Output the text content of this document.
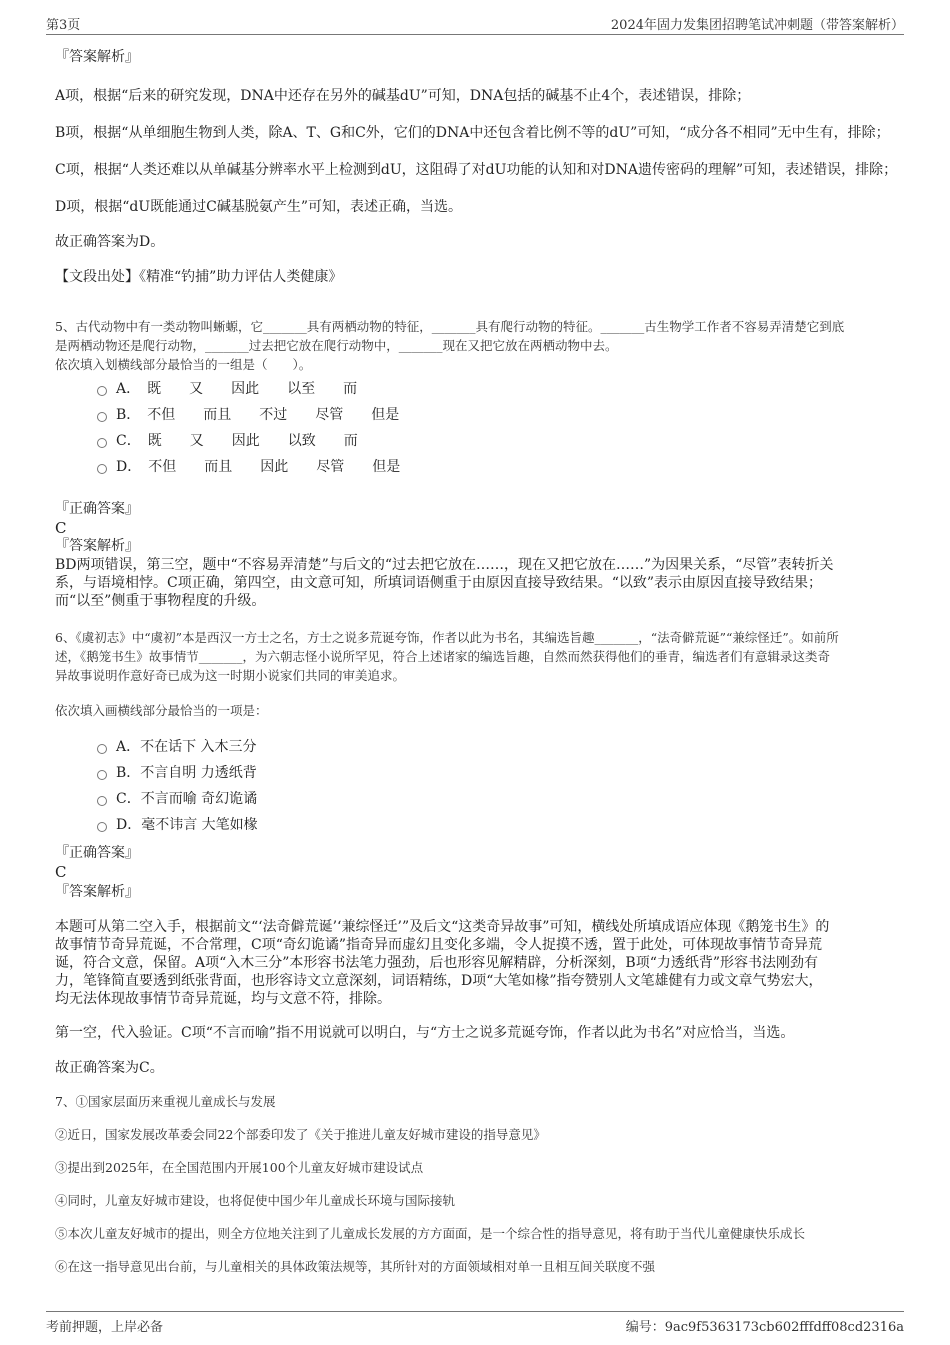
第3页	2024年固力发集团招聘笔试冲刺题（带答案解析）

『答案解析』

A项，根据“后来的研究发现，DNA中还存在另外的碱基dU”可知，DNA包括的碱基不止4个，表述错误，排除；

B项，根据“从单细胞生物到人类，除A、T、G和C外，它们的DNA中还包含着比例不等的dU”可知，“成分各不相同”无中生有，排除；

C项，根据“人类还难以从单碱基分辨率水平上检测到dU，这阻碍了对dU功能的认知和对DNA遗传密码的理解”可知，表述错误，排除；

D项，根据“dU既能通过C碱基脱氨产生”可知，表述正确，当选。

故正确答案为D。

【文段出处】《精准“钓捕”助力评估人类健康》

5、古代动物中有一类动物叫蜥螈，它_______具有两栖动物的特征，_______具有爬行动物的特征。_______古生物学工作者不容易弄清楚它到底

是两栖动物还是爬行动物，_______过去把它放在爬行动物中，_______现在又把它放在两栖动物中去。

依次填入划横线部分最恰当的一组是（　　）。

A．　既　　又　　因此　　以至　　而
B．　不但　　而且　　不过　　尽管　　但是
C．　既　　又　　因此　　以致　　而
D．　不但　　而且　　因此　　尽管　　但是

『正确答案』

C

『答案解析』

BD两项错误，第三空，题中“不容易弄清楚”与后文的“过去把它放在……，现在又把它放在……”为因果关系，“尽管”表转折关

系，与语境相悖。C项正确，第四空，由文意可知，所填词语侧重于由原因直接导致结果。“以致”表示由原因直接导致结果；

而“以至”侧重于事物程度的升级。

6、《虞初志》中“虞初”本是西汉一方士之名，方士之说多荒诞夸饰，作者以此为书名，其编选旨趣_______，“法奇僻荒诞”“兼综怪迁”。如前所

述，《鹅笼书生》故事情节_______，为六朝志怪小说所罕见，符合上述诸家的编选旨趣，自然而然获得他们的垂青，编选者们有意辑录这类奇

异故事说明作意好奇已成为这一时期小说家们共同的审美追求。

依次填入画横线部分最恰当的一项是：

A．不在话下 入木三分
B．不言自明 力透纸背
C．不言而喻 奇幻诡谲
D．毫不讳言 大笔如椽

『正确答案』

C

『答案解析』

本题可从第二空入手，根据前文“‘法奇僻荒诞’‘兼综怪迁’”及后文“这类奇异故事”可知，横线处所填成语应体现《鹅笼书生》的

故事情节奇异荒诞，不合常理，C项“奇幻诡谲”指奇异而虚幻且变化多端，令人捉摸不透，置于此处，可体现故事情节奇异荒

诞，符合文意，保留。A项“入木三分”本形容书法笔力强劲，后也形容见解精辟，分析深刻，B项“力透纸背”形容书法刚劲有

力，笔锋简直要透到纸张背面，也形容诗文立意深刻，词语精练，D项“大笔如椽”指夸赞别人文笔雄健有力或文章气势宏大，

均无法体现故事情节奇异荒诞，均与文意不符，排除。

第一空，代入验证。C项“不言而喻”指不用说就可以明白，与“方士之说多荒诞夸饰，作者以此为书名”对应恰当，当选。

故正确答案为C。

7、①国家层面历来重视儿童成长与发展

②近日，国家发展改革委会同22个部委印发了《关于推进儿童友好城市建设的指导意见》

③提出到2025年，在全国范围内开展100个儿童友好城市建设试点

④同时，儿童友好城市建设，也将促使中国少年儿童成长环境与国际接轨

⑤本次儿童友好城市的提出，则全方位地关注到了儿童成长发展的方方面面，是一个综合性的指导意见，将有助于当代儿童健康快乐成长

⑥在这一指导意见出台前，与儿童相关的具体政策法规等，其所针对的方面领域相对单一且相互间关联度不强

考前押题，上岸必备	编号：9ac9f5363173cb602fffdff08cd2316a
